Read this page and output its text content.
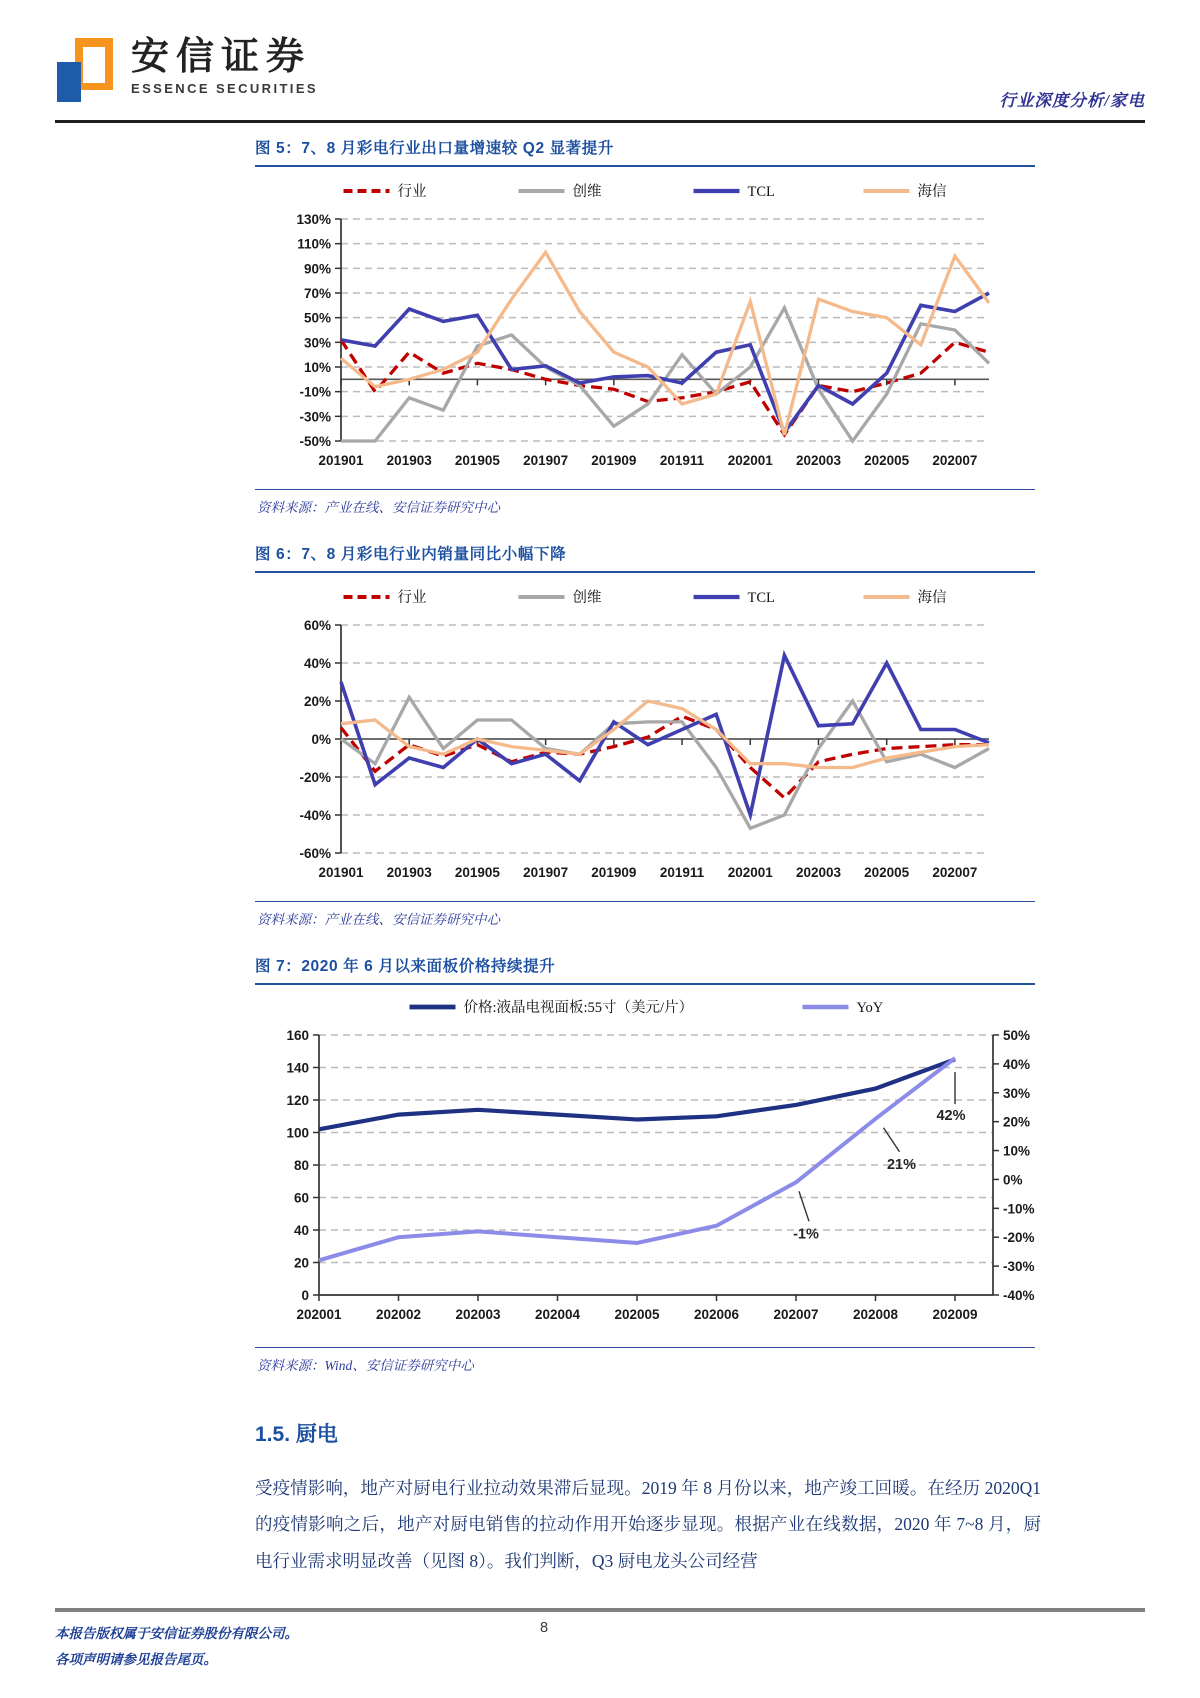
安信证券
ESSENCE SECURITIES
行业深度分析/家电
图 5：7、8 月彩电行业出口量增速较 Q2 显著提升
130%
110%
90%
70%
50%
30%
10%
-10%
-30%
-50%
201901 201903 201905 201907 201909 201911 202001 202003 202005 202007
行业	创维	TCL	海信
资料来源：产业在线、安信证券研究中心
图 6：7、8 月彩电行业内销量同比小幅下降
60%
40%
20%
0%
-20%
-40%
-60%
201901 201903 201905 201907 201909 201911 202001 202003 202005 202007
行业	创维	TCL	海信
资料来源：产业在线、安信证券研究中心
图 7：2020 年 6 月以来面板价格持续提升
160
140
120
100
80
60
40
20
0
50%
40%
30%
20%
10%
0%
-10%
-20%
-30%
-40%
202001	202002	202003	202004	202005	202006	202007	202008	202009
价格:液晶电视面板:55寸（美元/片）	YoY
-1%
21%
42%
资料来源：Wind、安信证券研究中心
1.5. 厨电
受疫情影响，地产对厨电行业拉动效果滞后显现。2019 年 8 月份以来，地产竣工回暖。在经历 2020Q1 的疫情影响之后，地产对厨电销售的拉动作用开始逐步显现。根据产业在线数据，2020 年 7~8 月，厨电行业需求明显改善（见图 8）。我们判断，Q3 厨电龙头公司经营
本报告版权属于安信证券股份有限公司。
各项声明请参见报告尾页。
8
